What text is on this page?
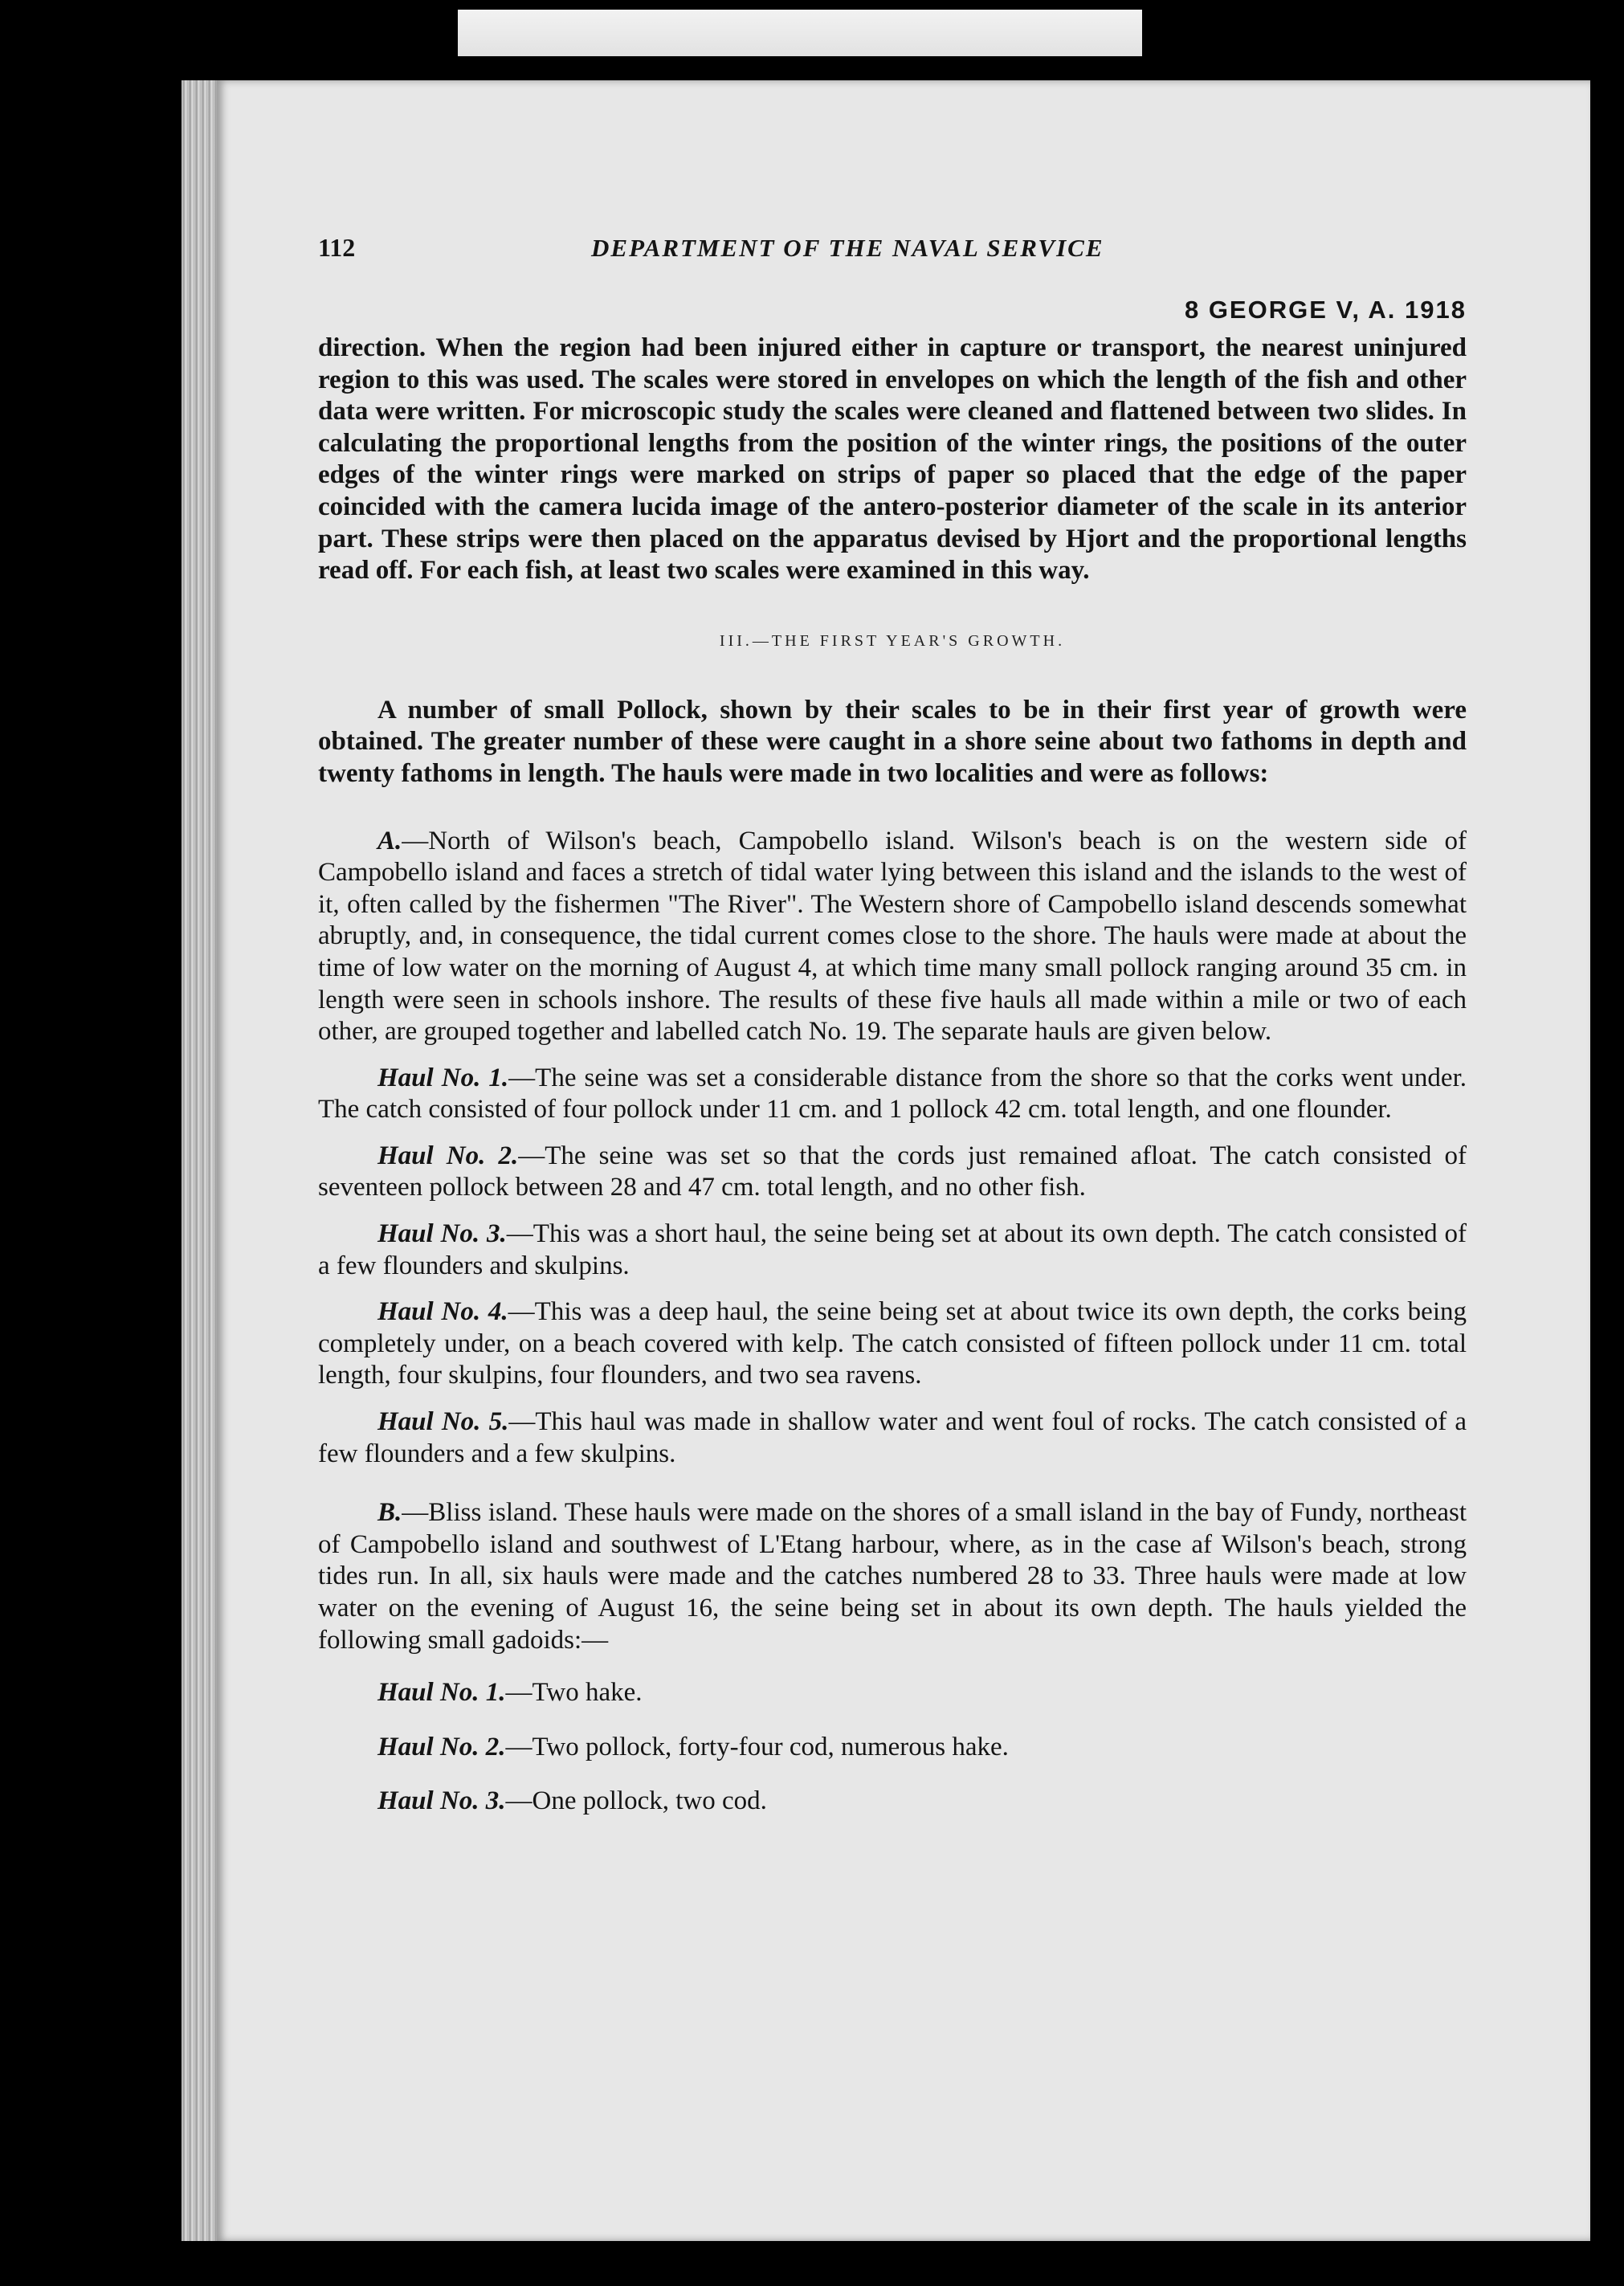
112	DEPARTMENT OF THE NAVAL SERVICE
8 GEORGE V, A. 1918

direction. When the region had been injured either in capture or transport, the nearest uninjured region to this was used. The scales were stored in envelopes on which the length of the fish and other data were written. For microscopic study the scales were cleaned and flattened between two slides. In calculating the proportional lengths from the position of the winter rings, the positions of the outer edges of the winter rings were marked on strips of paper so placed that the edge of the paper coincided with the camera lucida image of the antero-posterior diameter of the scale in its anterior part. These strips were then placed on the apparatus devised by Hjort and the proportional lengths read off. For each fish, at least two scales were examined in this way.

III.—THE FIRST YEAR'S GROWTH.

A number of small Pollock, shown by their scales to be in their first year of growth were obtained. The greater number of these were caught in a shore seine about two fathoms in depth and twenty fathoms in length. The hauls were made in two localities and were as follows:

A.—North of Wilson's beach, Campobello island. Wilson's beach is on the western side of Campobello island and faces a stretch of tidal water lying between this island and the islands to the west of it, often called by the fishermen "The River". The Western shore of Campobello island descends somewhat abruptly, and, in consequence, the tidal current comes close to the shore. The hauls were made at about the time of low water on the morning of August 4, at which time many small pollock ranging around 35 cm. in length were seen in schools inshore. The results of these five hauls all made within a mile or two of each other, are grouped together and labelled catch No. 19. The separate hauls are given below.

Haul No. 1.—The seine was set a considerable distance from the shore so that the corks went under. The catch consisted of four pollock under 11 cm. and 1 pollock 42 cm. total length, and one flounder.

Haul No. 2.—The seine was set so that the cords just remained afloat. The catch consisted of seventeen pollock between 28 and 47 cm. total length, and no other fish.

Haul No. 3.—This was a short haul, the seine being set at about its own depth. The catch consisted of a few flounders and skulpins.

Haul No. 4.—This was a deep haul, the seine being set at about twice its own depth, the corks being completely under, on a beach covered with kelp. The catch consisted of fifteen pollock under 11 cm. total length, four skulpins, four flounders, and two sea ravens.

Haul No. 5.—This haul was made in shallow water and went foul of rocks. The catch consisted of a few flounders and a few skulpins.

B.—Bliss island. These hauls were made on the shores of a small island in the bay of Fundy, northeast of Campobello island and southwest of L'Etang harbour, where, as in the case af Wilson's beach, strong tides run. In all, six hauls were made and the catches numbered 28 to 33. Three hauls were made at low water on the evening of August 16, the seine being set in about its own depth. The hauls yielded the following small gadoids:—

Haul No. 1.—Two hake.

Haul No. 2.—Two pollock, forty-four cod, numerous hake.

Haul No. 3.—One pollock, two cod.
